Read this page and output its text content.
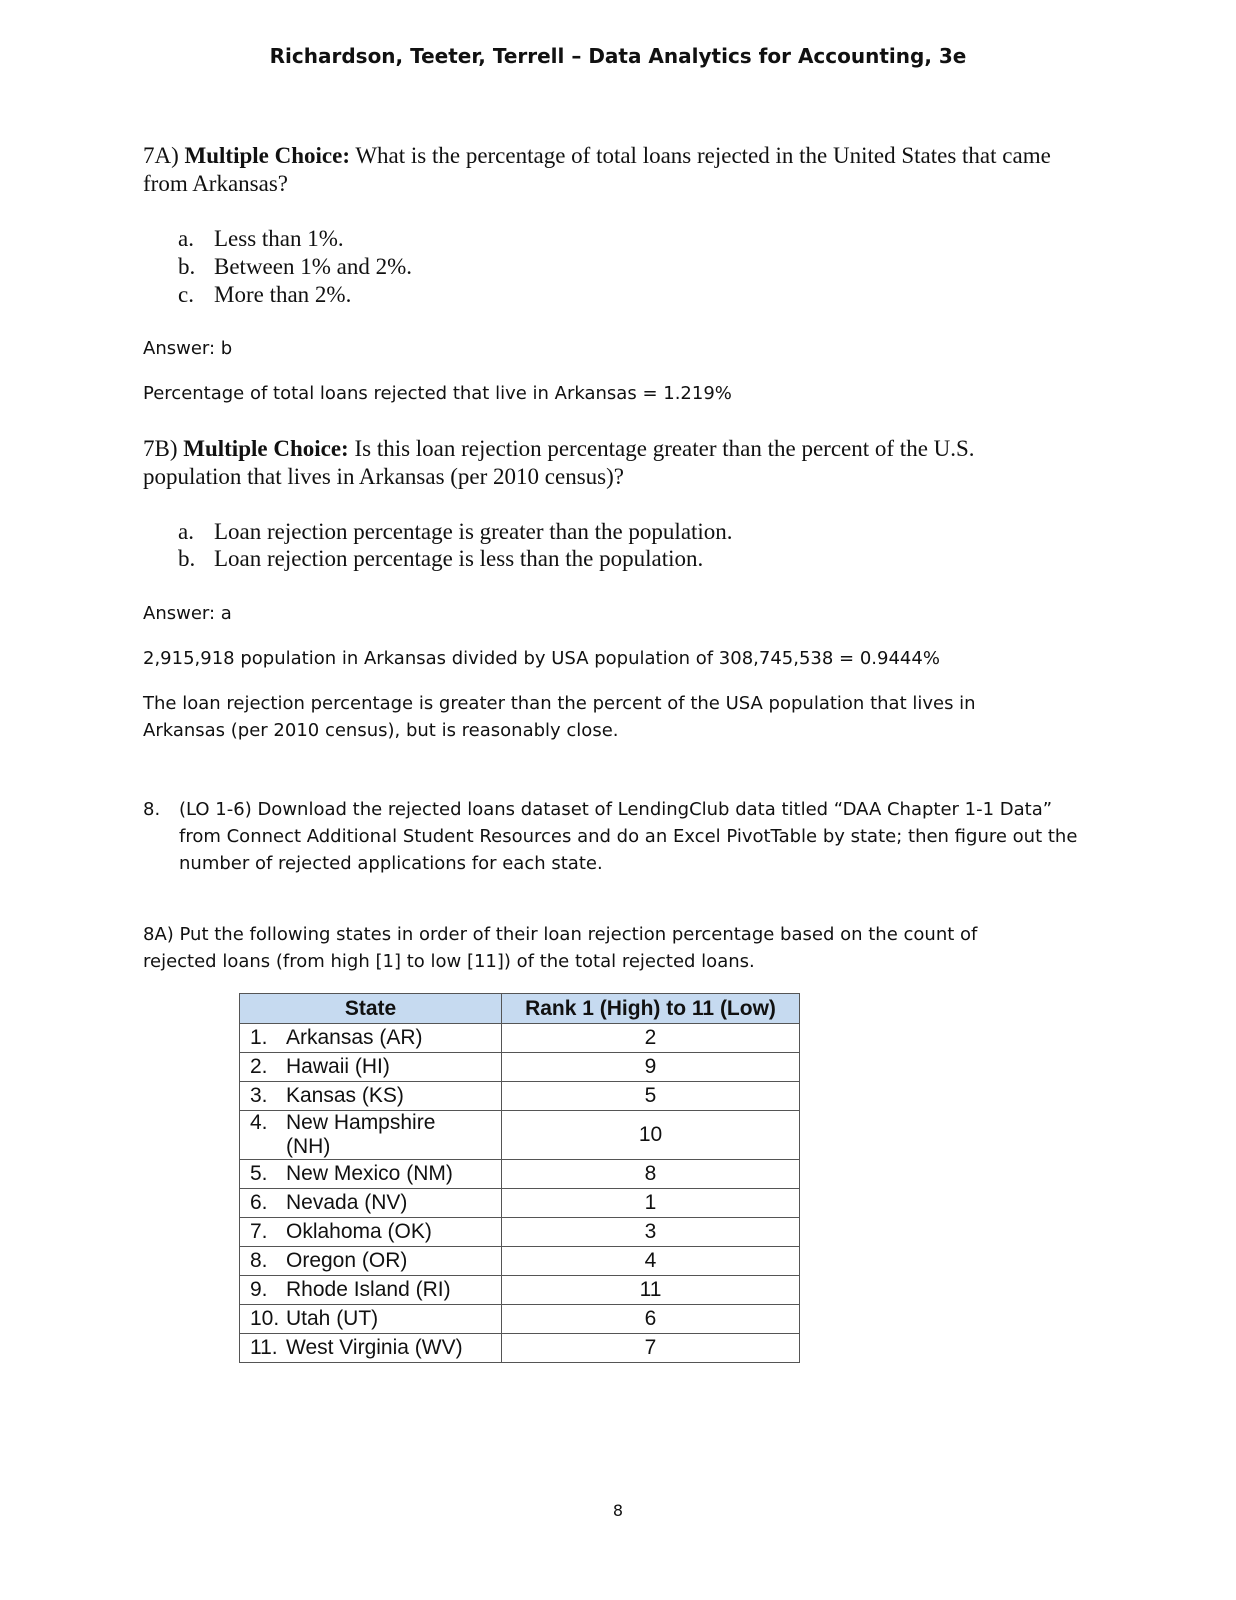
Richardson, Teeter, Terrell – Data Analytics for Accounting, 3e
7A) Multiple Choice: What is the percentage of total loans rejected in the United States that came from Arkansas?
a. Less than 1%.
b. Between 1% and 2%.
c. More than 2%.
Answer: b
Percentage of total loans rejected that live in Arkansas = 1.219%
7B) Multiple Choice: Is this loan rejection percentage greater than the percent of the U.S. population that lives in Arkansas (per 2010 census)?
a. Loan rejection percentage is greater than the population.
b. Loan rejection percentage is less than the population.
Answer: a
2,915,918 population in Arkansas divided by USA population of 308,745,538 = 0.9444%
The loan rejection percentage is greater than the percent of the USA population that lives in Arkansas (per 2010 census), but is reasonably close.
8. (LO 1-6) Download the rejected loans dataset of LendingClub data titled “DAA Chapter 1-1 Data” from Connect Additional Student Resources and do an Excel PivotTable by state; then figure out the number of rejected applications for each state.
8A) Put the following states in order of their loan rejection percentage based on the count of rejected loans (from high [1] to low [11]) of the total rejected loans.
State	Rank 1 (High) to 11 (Low)
1. Arkansas (AR)	2
2. Hawaii (HI)	9
3. Kansas (KS)	5

4. New Hampshire (NH)	10
5. New Mexico (NM)	8
6. Nevada (NV)	1
7. Oklahoma (OK)	3
8. Oregon (OR)	4
9. Rhode Island (RI)	11
10. Utah (UT)	6
11. West Virginia (WV)	7
8
